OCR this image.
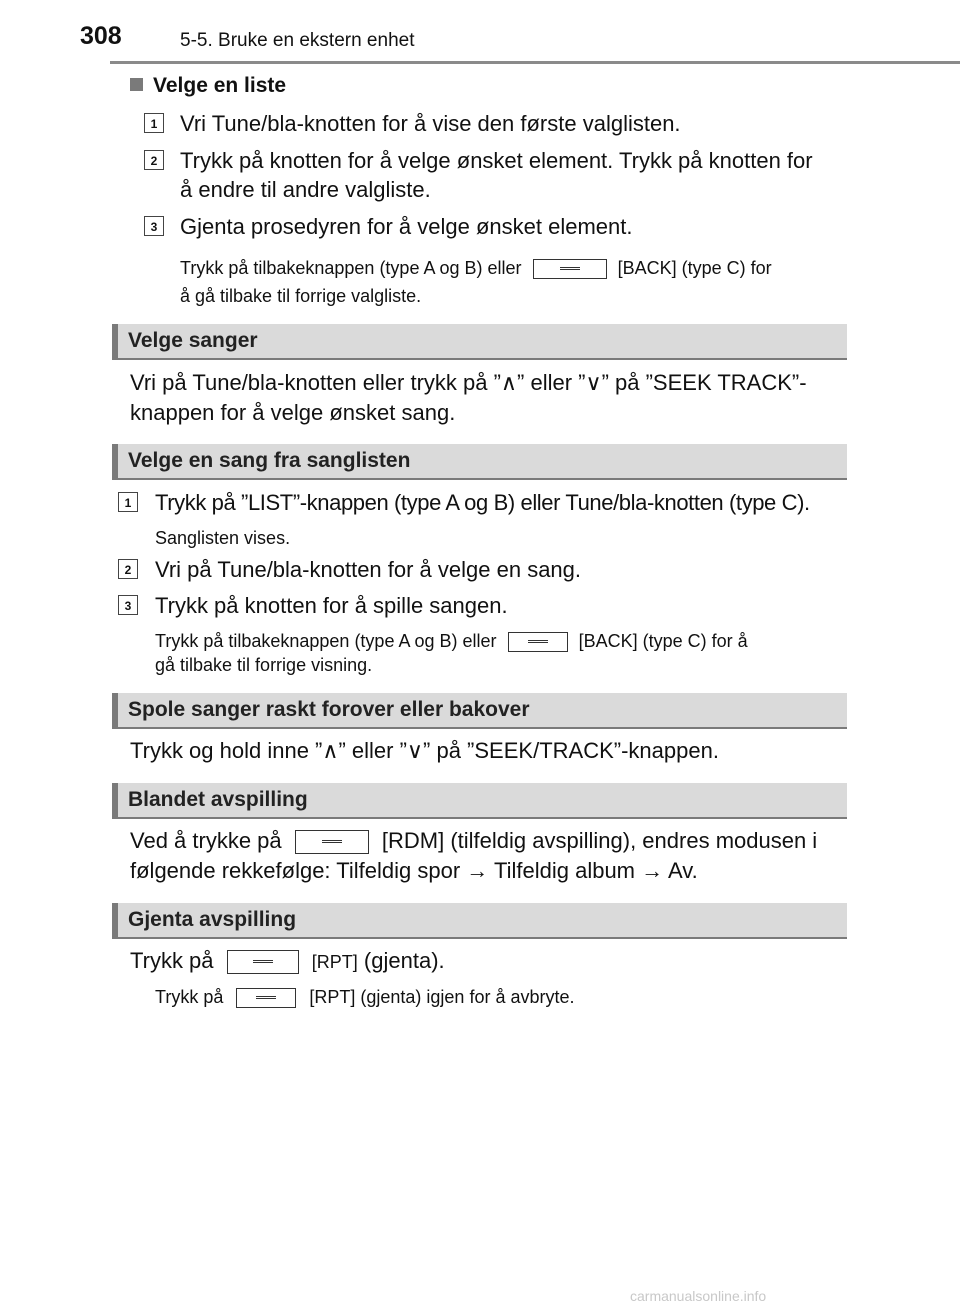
308	5-5. Bruke en ekstern enhet
Velge en liste
1	Vri Tune/bla-knotten for å vise den første valglisten.
2	Trykk på knotten for å velge ønsket element. Trykk på knotten for
å endre til andre valgliste.
3	Gjenta prosedyren for å velge ønsket element.
Trykk på tilbakeknappen (type A og B) eller	[BACK] (type C) for
å gå tilbake til forrige valgliste.
Velge sanger
Vri på Tune/bla-knotten eller trykk på ”∧” eller ”∨” på ”SEEK TRACK”-
knappen for å velge ønsket sang.
Velge en sang fra sanglisten
1	Trykk på ”LIST”-knappen (type A og B) eller Tune/bla-knotten (type C).
Sanglisten vises.
2	Vri på Tune/bla-knotten for å velge en sang.
3	Trykk på knotten for å spille sangen.
Trykk på tilbakeknappen (type A og B) eller	[BACK] (type C) for å
gå tilbake til forrige visning.
Spole sanger raskt forover eller bakover
Trykk og hold inne ”∧” eller ”∨” på ”SEEK/TRACK”-knappen.
Blandet avspilling
Ved å trykke på	[RDM] (tilfeldig avspilling), endres modusen i
følgende rekkefølge: Tilfeldig spor → Tilfeldig album → Av.
Gjenta avspilling
Trykk på	[RPT] (gjenta).
Trykk på	[RPT] (gjenta) igjen for å avbryte.
carmanualsonline.info
